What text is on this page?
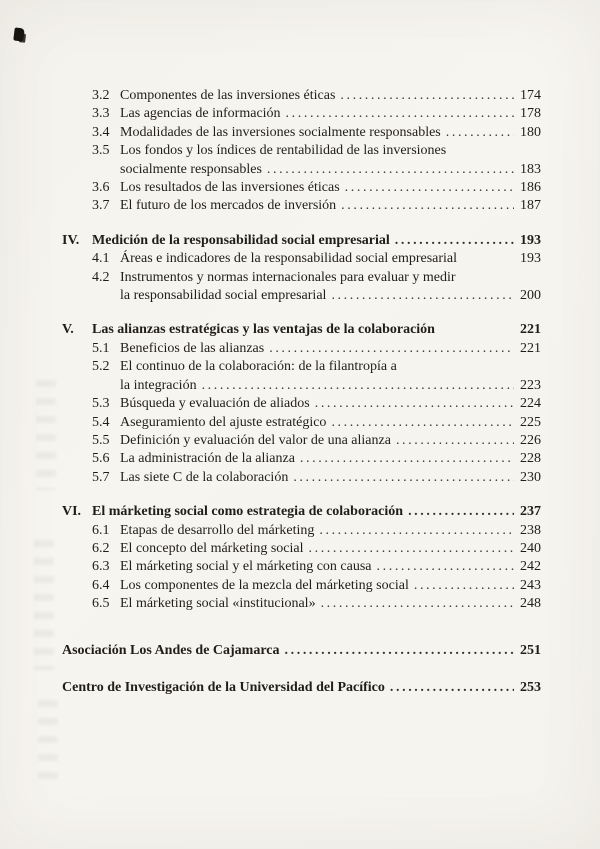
3.2 Componentes de las inversiones éticas .....	174
3.3 Las agencias de información .....	178
3.4 Modalidades de las inversiones socialmente responsables .....	180
3.5 Los fondos y los índices de rentabilidad de las inversiones
socialmente responsables .....	183
3.6 Los resultados de las inversiones éticas .....	186
3.7 El futuro de los mercados de inversión .....	187
IV. Medición de la responsabilidad social empresarial .....	193
4.1 Áreas e indicadores de la responsabilidad social empresarial	193
4.2 Instrumentos y normas internacionales para evaluar y medir
la responsabilidad social empresarial .....	200
V.	Las alianzas estratégicas y las ventajas de la colaboración	221
5.1 Beneficios de las alianzas .....	221
5.2 El continuo de la colaboración: de la filantropía a
la integración .....	223
5.3 Búsqueda y evaluación de aliados .....	224
5.4 Aseguramiento del ajuste estratégico .....	225
5.5 Definición y evaluación del valor de una alianza .....	226
5.6 La administración de la alianza .....	228
5.7 Las siete C de la colaboración .....	230
VI. El márketing social como estrategia de colaboración .....	237
6.1 Etapas de desarrollo del márketing .....	238
6.2 El concepto del márketing social .....	240
6.3 El márketing social y el márketing con causa .....	242
6.4 Los componentes de la mezcla del márketing social .....	243
6.5 El márketing social «institucional» .....	248
Asociación Los Andes de Cajamarca .....	251
Centro de Investigación de la Universidad del Pacífico .....	253
